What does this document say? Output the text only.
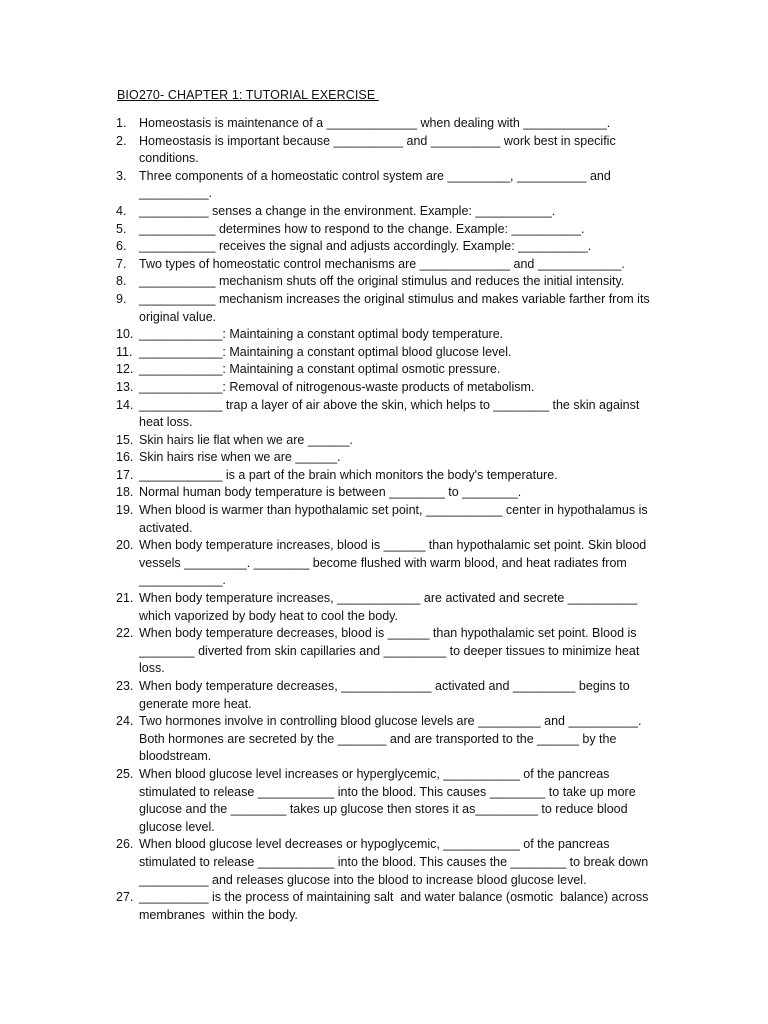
BIO270- CHAPTER 1: TUTORIAL EXERCISE
1. Homeostasis is maintenance of a _____________ when dealing with ____________.
2. Homeostasis is important because __________ and __________ work best in specific
conditions.
3. Three components of a homeostatic control system are _________, __________ and
__________.
4. __________ senses a change in the environment. Example: ___________.
5. ___________ determines how to respond to the change. Example: __________.
6. ___________ receives the signal and adjusts accordingly. Example: __________.
7. Two types of homeostatic control mechanisms are _____________ and ____________.
8. ___________ mechanism shuts off the original stimulus and reduces the initial intensity.
9. ___________ mechanism increases the original stimulus and makes variable farther from its
original value.
10. ____________: Maintaining a constant optimal body temperature.
11. ____________: Maintaining a constant optimal blood glucose level.
12. ____________: Maintaining a constant optimal osmotic pressure.
13. ____________: Removal of nitrogenous-waste products of metabolism.
14. ____________ trap a layer of air above the skin, which helps to ________ the skin against
heat loss.
15. Skin hairs lie flat when we are ______.
16. Skin hairs rise when we are ______.
17. ____________ is a part of the brain which monitors the body's temperature.
18. Normal human body temperature is between ________ to ________.
19. When blood is warmer than hypothalamic set point, ___________ center in hypothalamus is
activated.
20. When body temperature increases, blood is ______ than hypothalamic set point. Skin blood
vessels _________. ________ become flushed with warm blood, and heat radiates from
____________.
21. When body temperature increases, ____________ are activated and secrete __________
which vaporized by body heat to cool the body.
22. When body temperature decreases, blood is ______ than hypothalamic set point. Blood is
________ diverted from skin capillaries and _________ to deeper tissues to minimize heat
loss.
23. When body temperature decreases, _____________ activated and _________ begins to
generate more heat.
24. Two hormones involve in controlling blood glucose levels are _________ and __________.
Both hormones are secreted by the _______ and are transported to the ______ by the
bloodstream.
25. When blood glucose level increases or hyperglycemic, ___________ of the pancreas
stimulated to release ___________ into the blood. This causes ________ to take up more
glucose and the ________ takes up glucose then stores it as_________ to reduce blood
glucose level.
26. When blood glucose level decreases or hypoglycemic, ___________ of the pancreas
stimulated to release ___________ into the blood. This causes the ________ to break down
__________ and releases glucose into the blood to increase blood glucose level.
27. __________ is the process of maintaining salt  and water balance (osmotic  balance) across
membranes  within the body.
